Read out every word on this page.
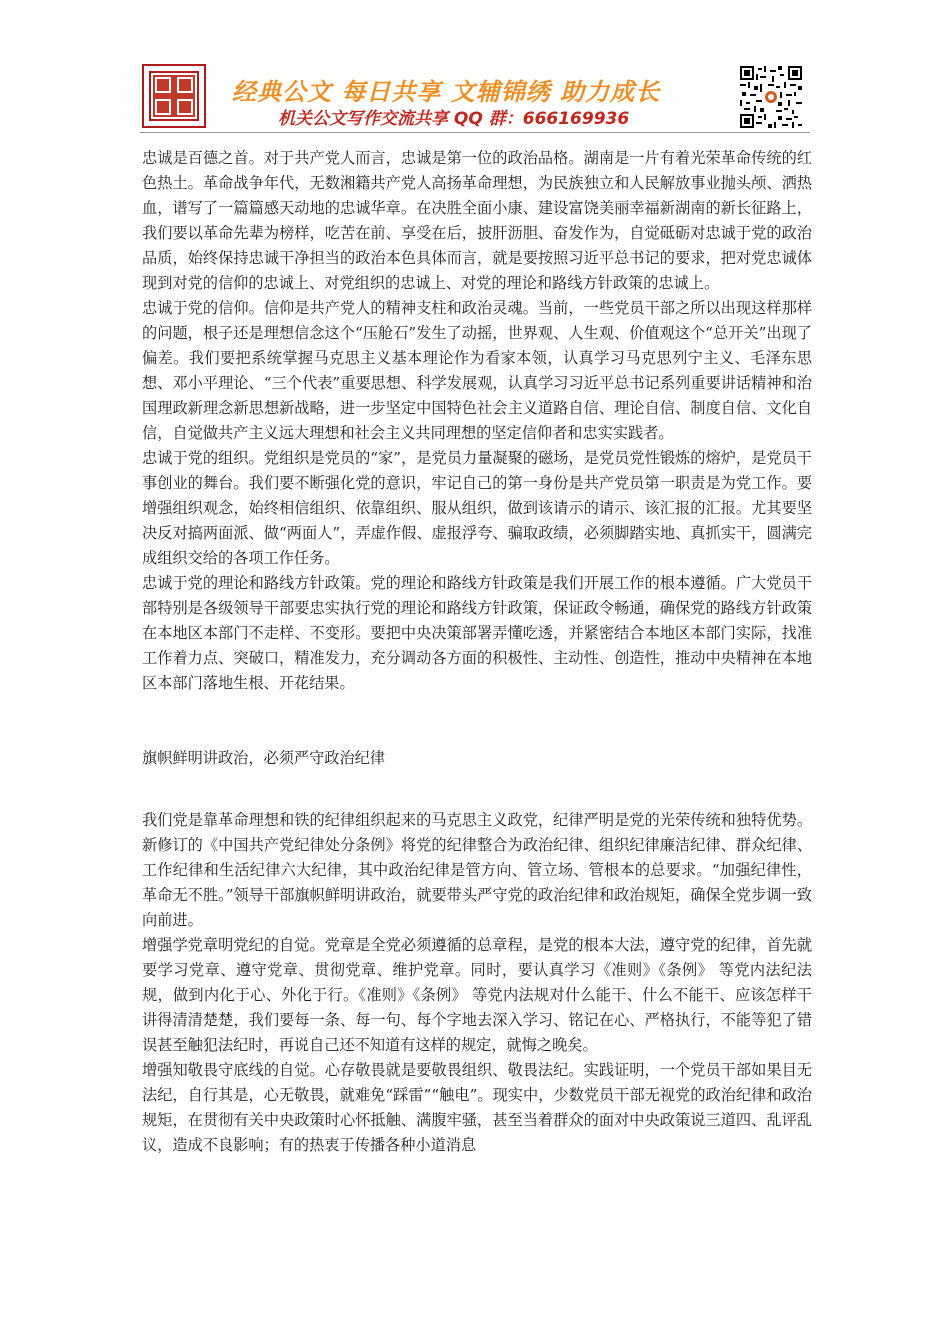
经典公文 每日共享 文辅锦绣 助力成长
机关公文写作交流共享 QQ 群：666169936

忠诚是百德之首。对于共产党人而言，忠诚是第一位的政治品格。湖南是一片有着光荣革命传统的红色热土。革命战争年代，无数湘籍共产党人高扬革命理想，为民族独立和人民解放事业抛头颅、洒热血，谱写了一篇篇感天动地的忠诚华章。在决胜全面小康、建设富饶美丽幸福新湖南的新长征路上，我们要以革命先辈为榜样，吃苦在前、享受在后，披肝沥胆、奋发作为，自觉砥砺对忠诚于党的政治品质，始终保持忠诚干净担当的政治本色具体而言，就是要按照习近平总书记的要求，把对党忠诚体现到对党的信仰的忠诚上、对党组织的忠诚上、对党的理论和路线方针政策的忠诚上。

忠诚于党的信仰。信仰是共产党人的精神支柱和政治灵魂。当前，一些党员干部之所以出现这样那样的问题，根子还是理想信念这个“压舱石”发生了动摇，世界观、人生观、价值观这个“总开关”出现了偏差。我们要把系统掌握马克思主义基本理论作为看家本领，认真学习马克思列宁主义、毛泽东思想、邓小平理论、“三个代表”重要思想、科学发展观，认真学习习近平总书记系列重要讲话精神和治国理政新理念新思想新战略，进一步坚定中国特色社会主义道路自信、理论自信、制度自信、文化自信，自觉做共产主义远大理想和社会主义共同理想的坚定信仰者和忠实实践者。

忠诚于党的组织。党组织是党员的“家”，是党员力量凝聚的磁场，是党员党性锻炼的熔炉，是党员干事创业的舞台。我们要不断强化党的意识，牢记自己的第一身份是共产党员第一职责是为党工作。要增强组织观念，始终相信组织、依靠组织、服从组织，做到该请示的请示、该汇报的汇报。尤其要坚决反对搞两面派、做“两面人”，弄虚作假、虚报浮夸、骗取政绩，必须脚踏实地、真抓实干，圆满完成组织交给的各项工作任务。

忠诚于党的理论和路线方针政策。党的理论和路线方针政策是我们开展工作的根本遵循。广大党员干部特别是各级领导干部要忠实执行党的理论和路线方针政策，保证政令畅通，确保党的路线方针政策在本地区本部门不走样、不变形。要把中央决策部署弄懂吃透，并紧密结合本地区本部门实际，找准工作着力点、突破口，精准发力，充分调动各方面的积极性、主动性、创造性，推动中央精神在本地区本部门落地生根、开花结果。

旗帜鲜明讲政治，必须严守政治纪律

我们党是靠革命理想和铁的纪律组织起来的马克思主义政党，纪律严明是党的光荣传统和独特优势。新修订的《中国共产党纪律处分条例》将党的纪律整合为政治纪律、组织纪律廉洁纪律、群众纪律、工作纪律和生活纪律六大纪律，其中政治纪律是管方向、管立场、管根本的总要求。“加强纪律性，革命无不胜。”领导干部旗帜鲜明讲政治，就要带头严守党的政治纪律和政治规矩，确保全党步调一致向前进。

增强学党章明党纪的自觉。党章是全党必须遵循的总章程，是党的根本大法，遵守党的纪律，首先就要学习党章、遵守党章、贯彻党章、维护党章。同时，要认真学习《准则》《条例》 等党内法纪法规，做到内化于心、外化于行。《准则》《条例》 等党内法规对什么能干、什么不能干、应该怎样干讲得清清楚楚，我们要每一条、每一句、每个字地去深入学习、铭记在心、严格执行，不能等犯了错误甚至触犯法纪时，再说自己还不知道有这样的规定，就悔之晚矣。

增强知敬畏守底线的自觉。心存敬畏就是要敬畏组织、敬畏法纪。实践证明，一个党员干部如果目无法纪，自行其是，心无敬畏，就难免“踩雷”“触电”。现实中，少数党员干部无视党的政治纪律和政治规矩，在贯彻有关中央政策时心怀抵触、满腹牢骚，甚至当着群众的面对中央政策说三道四、乱评乱议，造成不良影响；有的热衷于传播各种小道消息
